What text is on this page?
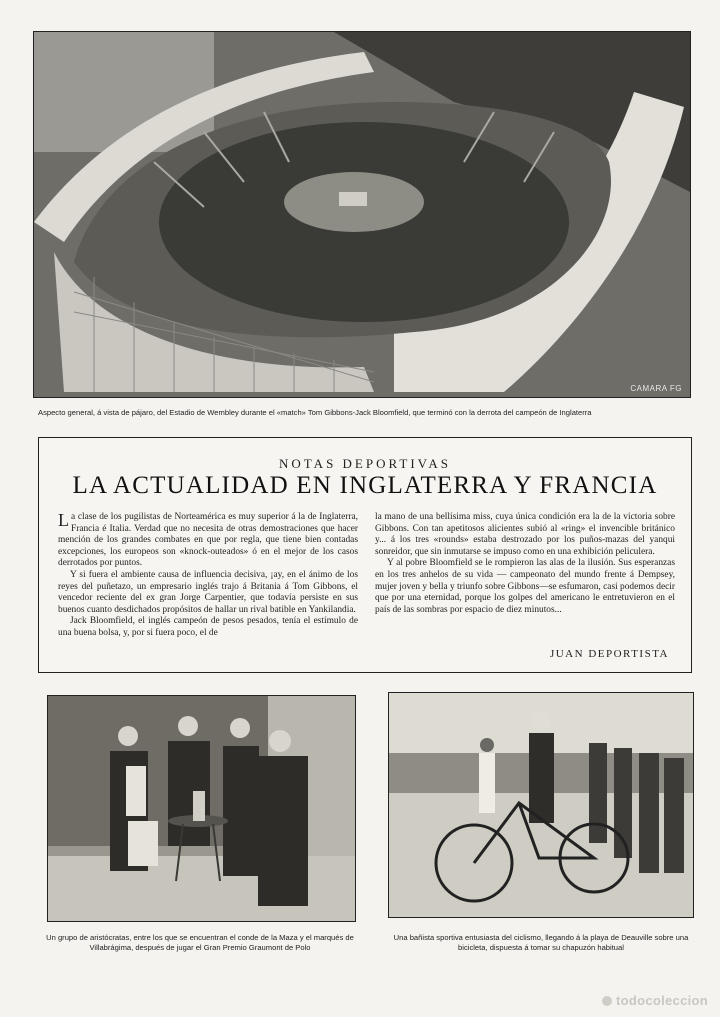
CAMARA FG
Aspecto general, á vista de pájaro, del Estadio de Wembley durante el «match» Tom Gibbons-Jack Bloomfield, que terminó con la derrota del campeón de Inglaterra
NOTAS DEPORTIVAS
LA ACTUALIDAD EN INGLATERRA Y FRANCIA

La clase de los pugilistas de Norteamérica es muy superior á la de Inglaterra, Francia é Italia. Verdad que no necesita de otras demostraciones que hacer mención de los grandes combates en que por regla, que tiene bien contadas excepciones, los europeos son «knock-outeados» ó en el mejor de los casos derrotados por puntos.

Y si fuera el ambiente causa de influencia decisiva, ¡ay, en el ánimo de los reyes del puñetazo, un empresario inglés trajo á Britania á Tom Gibbons, el vencedor reciente del ex gran Jorge Carpentier, que todavía persiste en sus buenos cuanto desdichados propósitos de hallar un rival batible en Yankilandia.

Jack Bloomfield, el inglés campeón de pesos pesados, tenía el estímulo de una buena bolsa, y, por si fuera poco, el de

la mano de una bellísima miss, cuya única condición era la de la victoria sobre Gibbons. Con tan apetitosos alicientes subió al «ring» el invencible británico y... á los tres «rounds» estaba destrozado por los puños-mazas del yanqui sonreidor, que sin inmutarse se impuso como en una exhibición peliculera.

Y al pobre Bloomfield se le rompieron las alas de la ilusión. Sus esperanzas en los tres anhelos de su vida — campeonato del mundo frente á Dempsey, mujer joven y bella y triunfo sobre Gibbons—se esfumaron, casi podemos decir que por una eternidad, porque los golpes del americano le entretuvieron en el país de las sombras por espacio de diez minutos...

JUAN DEPORTISTA
Un grupo de aristócratas, entre los que se encuentran el conde de la Maza y el marqués de Villabrágima, después de jugar el Gran Premio Graumont de Polo
Una bañista sportiva entusiasta del ciclismo, llegando á la playa de Deauville sobre una bicicleta, dispuesta á tomar su chapuzón habitual
todocoleccion
